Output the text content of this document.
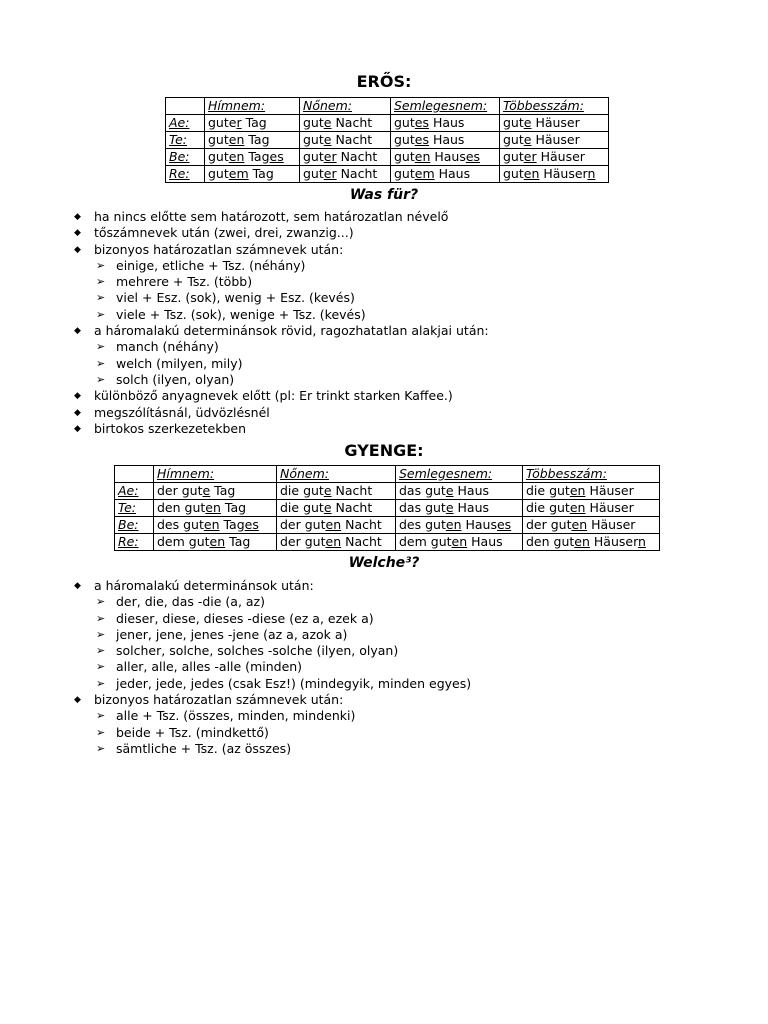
ERŐS:
	Hímnem:	Nőnem:	Semlegesnem:	Többesszám:
Ae:	guter Tag	gute Nacht	gutes Haus	gute Häuser
Te:	guten Tag	gute Nacht	gutes Haus	gute Häuser
Be:	guten Tages	guter Nacht	guten Hauses	guter Häuser
Re:	gutem Tag	guter Nacht	gutem Haus	guten Häusern
Was für?
◆ ha nincs előtte sem határozott, sem határozatlan névelő
◆ tőszámnevek után (zwei, drei, zwanzig...)
◆ bizonyos határozatlan számnevek után:
➢ einige, etliche + Tsz. (néhány)
➢ mehrere + Tsz. (több)
➢ viel + Esz. (sok), wenig + Esz. (kevés)
➢ viele + Tsz. (sok), wenige + Tsz. (kevés)
◆ a háromalakú determinánsok rövid, ragozhatatlan alakjai után:
➢ manch (néhány)
➢ welch (milyen, mily)
➢ solch (ilyen, olyan)
◆ különböző anyagnevek előtt (pl: Er trinkt starken Kaffee.)
◆ megszólításnál, üdvözlésnél
◆ birtokos szerkezetekben
GYENGE:
	Hímnem:	Nőnem:	Semlegesnem:	Többesszám:
Ae:	der gute Tag	die gute Nacht	das gute Haus	die guten Häuser
Te:	den guten Tag	die gute Nacht	das gute Haus	die guten Häuser
Be:	des guten Tages	der guten Nacht	des guten Hauses	der guten Häuser
Re:	dem guten Tag	der guten Nacht	dem guten Haus	den guten Häusern
Welche³?
◆ a háromalakú determinánsok után:
➢ der, die, das -die (a, az)
➢ dieser, diese, dieses -diese (ez a, ezek a)
➢ jener, jene, jenes -jene (az a, azok a)
➢ solcher, solche, solches -solche (ilyen, olyan)
➢ aller, alle, alles -alle (minden)
➢ jeder, jede, jedes (csak Esz!) (mindegyik, minden egyes)
◆ bizonyos határozatlan számnevek után:
➢ alle + Tsz. (összes, minden, mindenki)
➢ beide + Tsz. (mindkettő)
➢ sämtliche + Tsz. (az összes)
